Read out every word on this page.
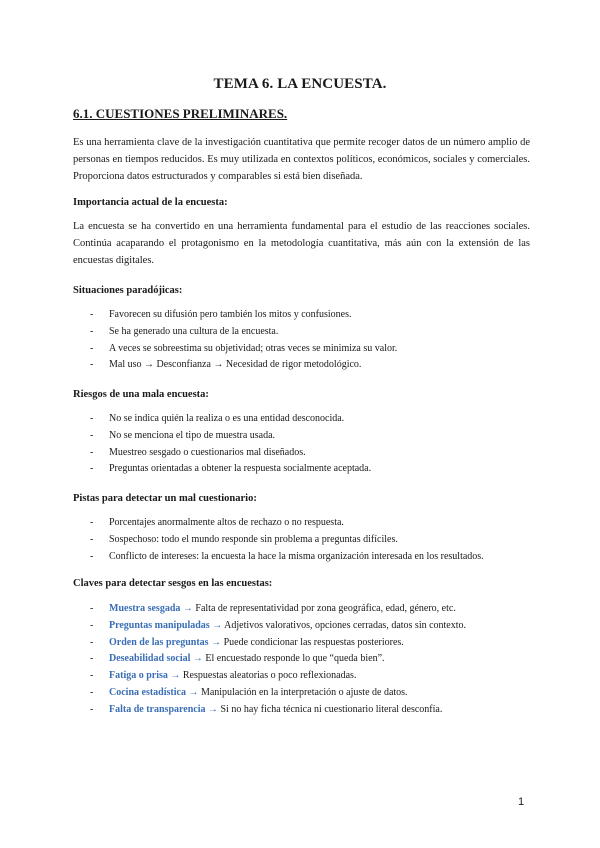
TEMA 6. LA ENCUESTA.
6.1. CUESTIONES PRELIMINARES.
Es una herramienta clave de la investigación cuantitativa que permite recoger datos de un número amplio de personas en tiempos reducidos. Es muy utilizada en contextos políticos, económicos, sociales y comerciales. Proporciona datos estructurados y comparables si está bien diseñada.
Importancia actual de la encuesta:
La encuesta se ha convertido en una herramienta fundamental para el estudio de las reacciones sociales. Continúa acaparando el protagonismo en la metodología cuantitativa, más aún con la extensión de las encuestas digitales.
Situaciones paradójicas:
- Favorecen su difusión pero también los mitos y confusiones.
- Se ha generado una cultura de la encuesta.
- A veces se sobreestima su objetividad; otras veces se minimiza su valor.
- Mal uso → Desconfianza → Necesidad de rigor metodológico.
Riesgos de una mala encuesta:
- No se indica quién la realiza o es una entidad desconocida.
- No se menciona el tipo de muestra usada.
- Muestreo sesgado o cuestionarios mal diseñados.
- Preguntas orientadas a obtener la respuesta socialmente aceptada.
Pistas para detectar un mal cuestionario:
- Porcentajes anormalmente altos de rechazo o no respuesta.
- Sospechoso: todo el mundo responde sin problema a preguntas difíciles.
- Conflicto de intereses: la encuesta la hace la misma organización interesada en los resultados.
Claves para detectar sesgos en las encuestas:
- Muestra sesgada → Falta de representatividad por zona geográfica, edad, género, etc.
- Preguntas manipuladas → Adjetivos valorativos, opciones cerradas, datos sin contexto.
- Orden de las preguntas → Puede condicionar las respuestas posteriores.
- Deseabilidad social → El encuestado responde lo que “queda bien”.
- Fatiga o prisa → Respuestas aleatorias o poco reflexionadas.
- Cocina estadística → Manipulación en la interpretación o ajuste de datos.
- Falta de transparencia → Si no hay ficha técnica ni cuestionario literal desconfía.
1
